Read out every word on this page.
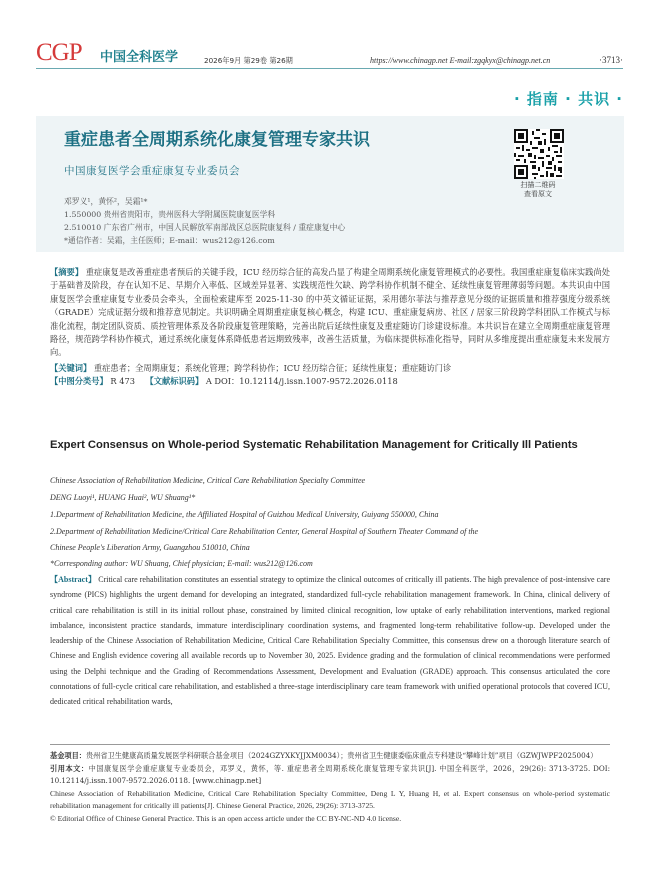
CGP 中国全科医学	2026年9月 第29卷 第26期	https://www.chinagp.net E-mail:zgqkyx@chinagp.net.cn	·3713·
· 指南 · 共识 ·
重症患者全周期系统化康复管理专家共识
中国康复医学会重症康复专业委员会
扫描二维码
查看原文
邓罗义¹，黄怀²，吴霜¹*
1.550000 贵州省贵阳市，贵州医科大学附属医院康复医学科
2.510010 广东省广州市，中国人民解放军南部战区总医院康复科 / 重症康复中心
*通信作者：吴霜，主任医师；E-mail：wus212@126.com
【摘要】 重症康复是改善重症患者预后的关键手段，ICU 经历综合征的高发凸显了构建全周期系统化康复管理模式的必要性。我国重症康复临床实践尚处于基础普及阶段，存在认知不足、早期介入率低、区域差异显著、实践规范性欠缺、跨学科协作机制不健全、延续性康复管理薄弱等问题。本共识由中国康复医学会重症康复专业委员会牵头，全面检索建库至 2025-11-30 的中英文循证证据，采用德尔菲法与推荐意见分级的证据质量和推荐强度分级系统（GRADE）完成证据分级和推荐意见制定。共识明确全周期重症康复核心概念，构建 ICU、重症康复病房、社区 / 居家三阶段跨学科团队工作模式与标准化流程，制定团队资质、质控管理体系及各阶段康复管理策略，完善出院后延续性康复及重症随访门诊建设标准。本共识旨在建立全周期重症康复管理路径，规范跨学科协作模式，通过系统化康复体系降低患者远期致残率，改善生活质量，为临床提供标准化指导，同时从多维度提出重症康复未来发展方向。
【关键词】 重症患者；全周期康复；系统化管理；跨学科协作；ICU 经历综合征；延续性康复；重症随访门诊
【中图分类号】 R 473 【文献标识码】 A DOI：10.12114/j.issn.1007-9572.2026.0118
Expert Consensus on Whole-period Systematic Rehabilitation Management for Critically Ill Patients
Chinese Association of Rehabilitation Medicine, Critical Care Rehabilitation Specialty Committee
DENG Luoyi¹, HUANG Huai², WU Shuang¹*
1.Department of Rehabilitation Medicine, the Affiliated Hospital of Guizhou Medical University, Guiyang 550000, China
2.Department of Rehabilitation Medicine/Critical Care Rehabilitation Center, General Hospital of Southern Theater Command of the
Chinese People's Liberation Army, Guangzhou 510010, China
*Corresponding author: WU Shuang, Chief physician; E-mail: wus212@126.com
【Abstract】 Critical care rehabilitation constitutes an essential strategy to optimize the clinical outcomes of critically ill patients. The high prevalence of post-intensive care syndrome (PICS) highlights the urgent demand for developing an integrated, standardized full-cycle rehabilitation management framework. In China, clinical delivery of critical care rehabilitation is still in its initial rollout phase, constrained by limited clinical recognition, low uptake of early rehabilitation interventions, marked regional imbalance, inconsistent practice standards, immature interdisciplinary coordination systems, and fragmented long-term rehabilitative follow-up. Developed under the leadership of the Chinese Association of Rehabilitation Medicine, Critical Care Rehabilitation Specialty Committee, this consensus drew on a thorough literature search of Chinese and English evidence covering all available records up to November 30, 2025. Evidence grading and the formulation of clinical recommendations were performed using the Delphi technique and the Grading of Recommendations Assessment, Development and Evaluation (GRADE) approach. This consensus articulated the core connotations of full-cycle critical care rehabilitation, and established a three-stage interdisciplinary care team framework with unified operational protocols that covered ICU, dedicated critical rehabilitation wards,

基金项目：贵州省卫生健康高质量发展医学科研联合基金项目（2024GZYXKYJJXM0034）；贵州省卫生健康委临床重点专科建设“攀峰计划”项目（GZWJWPF2025004）

引用本文：中国康复医学会重症康复专业委员会，邓罗义，黄怀，等. 重症患者全周期系统化康复管理专家共识[J]. 中国全科医学，2026，29(26): 3713-3725. DOI: 10.12114/j.issn.1007-9572.2026.0118. [www.chinagp.net]

Chinese Association of Rehabilitation Medicine, Critical Care Rehabilitation Specialty Committee, Deng L Y, Huang H, et al. Expert consensus on whole-period systematic rehabilitation management for critically ill patients[J]. Chinese General Practice, 2026, 29(26): 3713-3725.

© Editorial Office of Chinese General Practice. This is an open access article under the CC BY-NC-ND 4.0 license.
